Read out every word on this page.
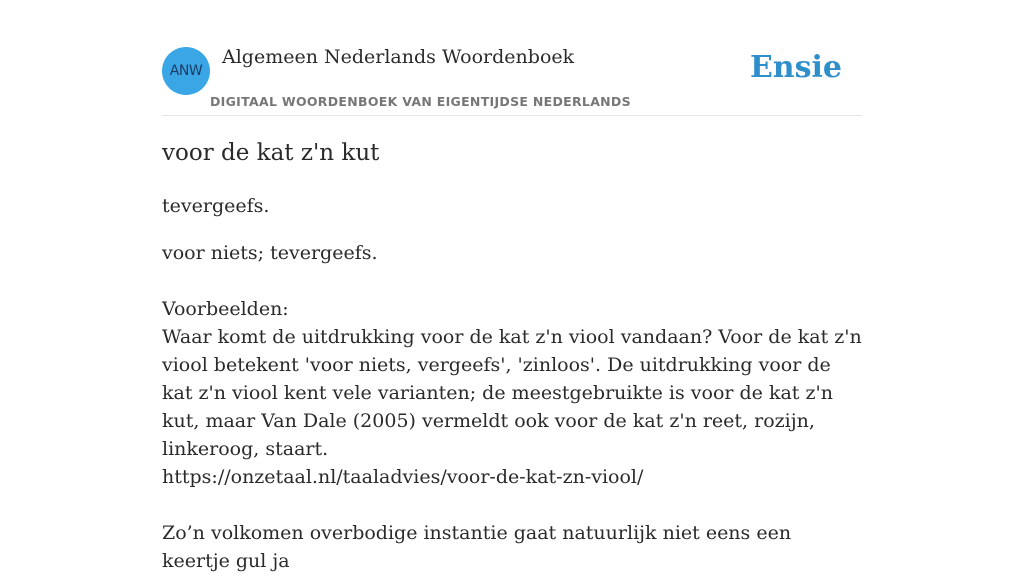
ANW
Algemeen Nederlands Woordenboek
DIGITAAL WOORDENBOEK VAN EIGENTIJDSE NEDERLANDS
Ensie
voor de kat z'n kut
tevergeefs.
voor niets; tevergeefs.

Voorbeelden:

Waar komt de uitdrukking voor de kat z'n viool vandaan? Voor de kat z'n viool betekent 'voor niets, vergeefs', 'zinloos'. De uitdrukking voor de kat z'n viool kent vele varianten; de meestgebruikte is voor de kat z'n kut, maar Van Dale (2005) vermeldt ook voor de kat z'n reet, rozijn, linkeroog, staart.

https://onzetaal.nl/taaladvies/voor-de-kat-zn-viool/

Zo’n volkomen overbodige instantie gaat natuurlijk niet eens een keertje gul ja
